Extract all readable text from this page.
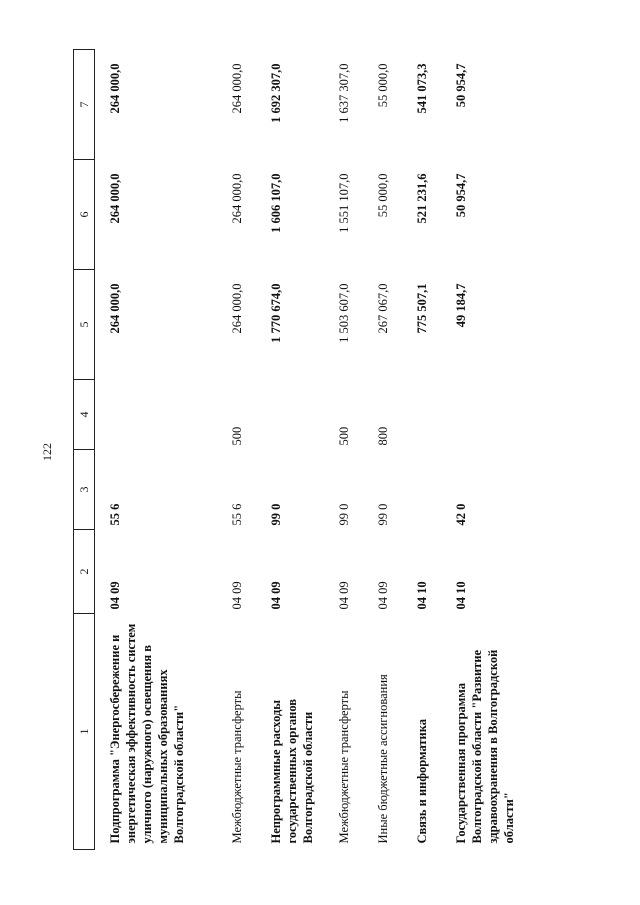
122
1	2	3	4	5	6	7
Подпрограмма "Энергосбережение и энергетическая эффективность систем уличного (наружного) освещения в муниципальных образованиях Волгоградской области"	04 09	55 6		264 000,0	264 000,0	264 000,0
Межбюджетные трансферты	04 09	55 6	500	264 000,0	264 000,0	264 000,0
Непрограммные расходы государственных органов Волгоградской области	04 09	99 0		1 770 674,0	1 606 107,0	1 692 307,0
Межбюджетные трансферты	04 09	99 0	500	1 503 607,0	1 551 107,0	1 637 307,0
Иные бюджетные ассигнования	04 09	99 0	800	267 067,0	55 000,0	55 000,0
Связь и информатика	04 10			775 507,1	521 231,6	541 073,3
Государственная программа Волгоградской области "Развитие здравоохранения в Волгоградской области"	04 10	42 0		49 184,7	50 954,7	50 954,7
